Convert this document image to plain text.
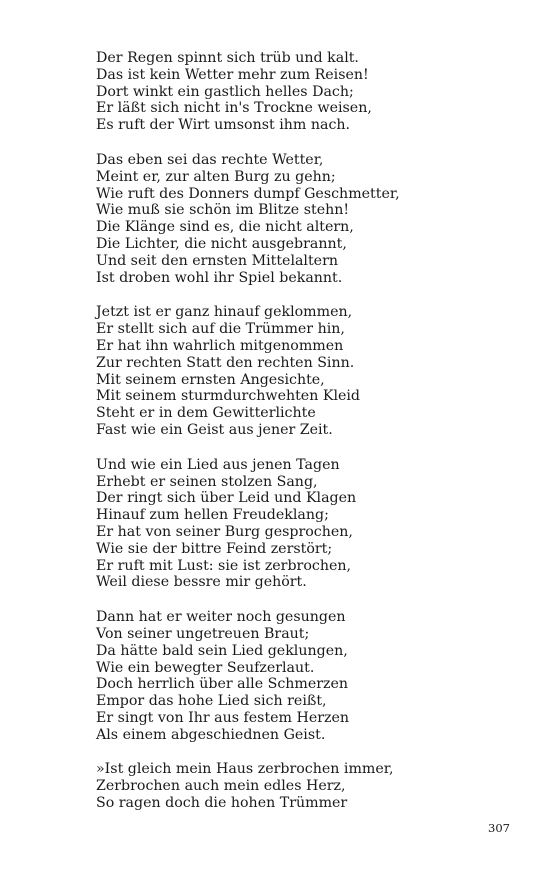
Der Regen spinnt sich trüb und kalt.
Das ist kein Wetter mehr zum Reisen!
Dort winkt ein gastlich helles Dach;
Er läßt sich nicht in's Trockne weisen,
Es ruft der Wirt umsonst ihm nach.
Das eben sei das rechte Wetter,
Meint er, zur alten Burg zu gehn;
Wie ruft des Donners dumpf Geschmetter,
Wie muß sie schön im Blitze stehn!
Die Klänge sind es, die nicht altern,
Die Lichter, die nicht ausgebrannt,
Und seit den ernsten Mittelaltern
Ist droben wohl ihr Spiel bekannt.
Jetzt ist er ganz hinauf geklommen,
Er stellt sich auf die Trümmer hin,
Er hat ihn wahrlich mitgenommen
Zur rechten Statt den rechten Sinn.
Mit seinem ernsten Angesichte,
Mit seinem sturmdurchwehten Kleid
Steht er in dem Gewitterlichte
Fast wie ein Geist aus jener Zeit.
Und wie ein Lied aus jenen Tagen
Erhebt er seinen stolzen Sang,
Der ringt sich über Leid und Klagen
Hinauf zum hellen Freudeklang;
Er hat von seiner Burg gesprochen,
Wie sie der bittre Feind zerstört;
Er ruft mit Lust: sie ist zerbrochen,
Weil diese bessre mir gehört.
Dann hat er weiter noch gesungen
Von seiner ungetreuen Braut;
Da hätte bald sein Lied geklungen,
Wie ein bewegter Seufzerlaut.
Doch herrlich über alle Schmerzen
Empor das hohe Lied sich reißt,
Er singt von Ihr aus festem Herzen
Als einem abgeschiednen Geist.
»Ist gleich mein Haus zerbrochen immer,
Zerbrochen auch mein edles Herz,
So ragen doch die hohen Trümmer
307
